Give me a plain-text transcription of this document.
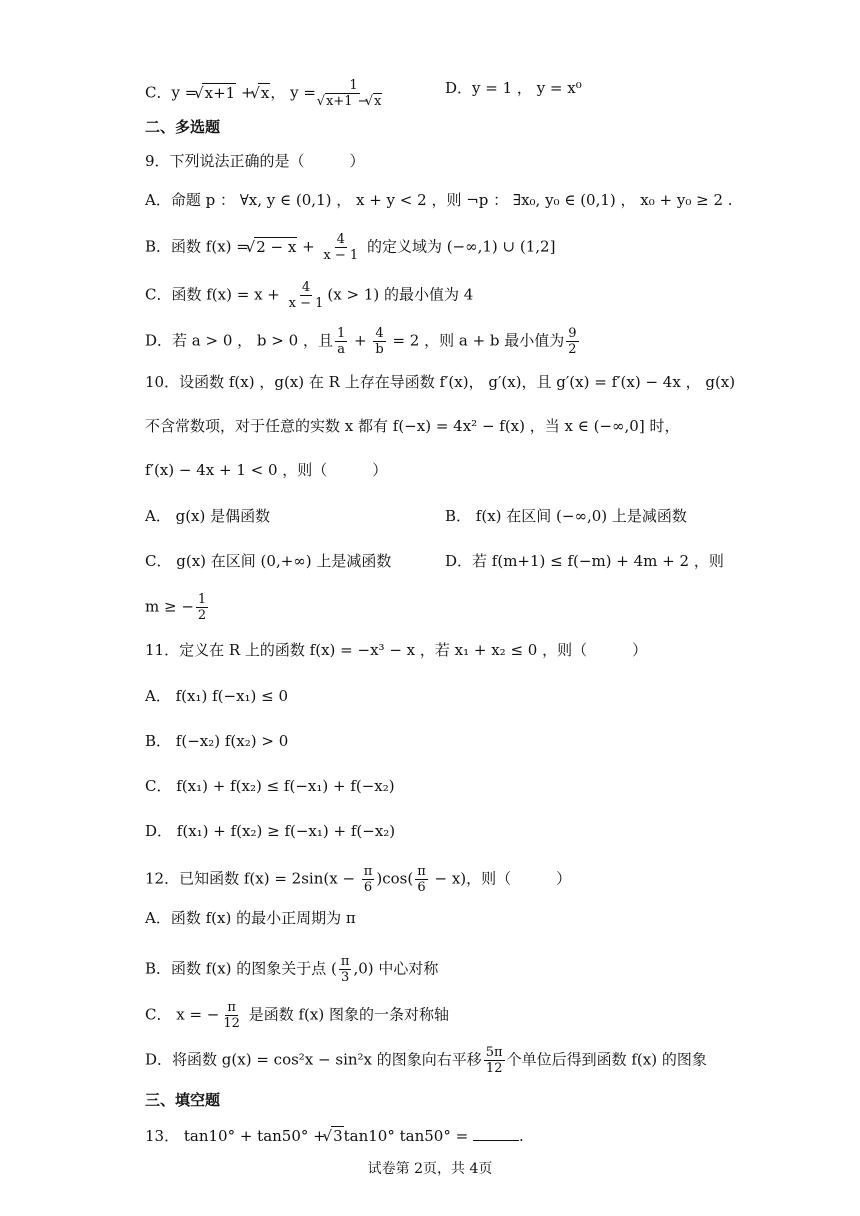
C．y = √ x+1 + √ x， y = 1
√ x+1 − √ x	D．y = 1 ， y = x⁰
二、多选题
9．下列说法正确的是（　　　）
A．命题 p ： ∀x, y ∈ (0,1) ， x + y < 2 ，则 ¬p ： ∃x₀, y₀ ∈ (0,1) ， x₀ + y₀ ≥ 2 .
B．函数 f(x) = √ $2 - x + \frac{4}{x - 1}$ 的定义域为 (−∞,1) ∪ (1,2]
C．函数 $f(x) = x + \frac{4}{x - 1} (x > 1)$ 的最小值为 4
D．若 a > 0 ， b > 0 ，且 $\frac{1}{a} + \frac{4}{b} = 2$ ，则 a + b 最小值为 $\frac{9}{2}$
10．设函数 f(x) ，g(x) 在 R 上存在导函数 f′(x)， g′(x)，且 g′(x) = f′(x) − 4x ， g(x)
不含常数项，对于任意的实数 x 都有 f(−x) = 4x² − f(x) ，当 x ∈ (−∞,0] 时，
f′(x) − 4x + 1 < 0 ，则（　　　）
A． g(x) 是偶函数	B． f(x) 在区间 (−∞,0) 上是减函数
C． g(x) 在区间 (0,+∞) 上是减函数	D．若 f(m+1) ≤ f(−m) + 4m + 2 ，则
m ≥ − $\frac{1}{2}$
11．定义在 R 上的函数 f(x) = −x³ − x ，若 x₁ + x₂ ≤ 0 ，则（　　　）
A． f(x₁) f(−x₁) ≤ 0
B． f(−x₂) f(x₂) > 0
C． f(x₁) + f(x₂) ≤ f(−x₁) + f(−x₂)
D． f(x₁) + f(x₂) ≥ f(−x₁) + f(−x₂)
12．已知函数 $f(x) = 2\sin(x - \frac{\pi}{6} )\cos( \frac{\pi}{6} - x)$，则（　　　）
A．函数 f(x) 的最小正周期为 π
B．函数 f(x) 的图象关于点 ( $\frac{\pi}{3} ,0$) 中心对称
C． x = − $\frac{\pi}{12}$ 是函数 f(x) 图象的一条对称轴
D．将函数 g(x) = cos²x − sin²x 的图象向右平移 $\frac{5\pi}{12}$ 个单位后得到函数 f(x) 的图象
三、填空题
13． tan10° + tan50° + √ 3tan10° tan50° =	.
试卷第 2页，共 4页
